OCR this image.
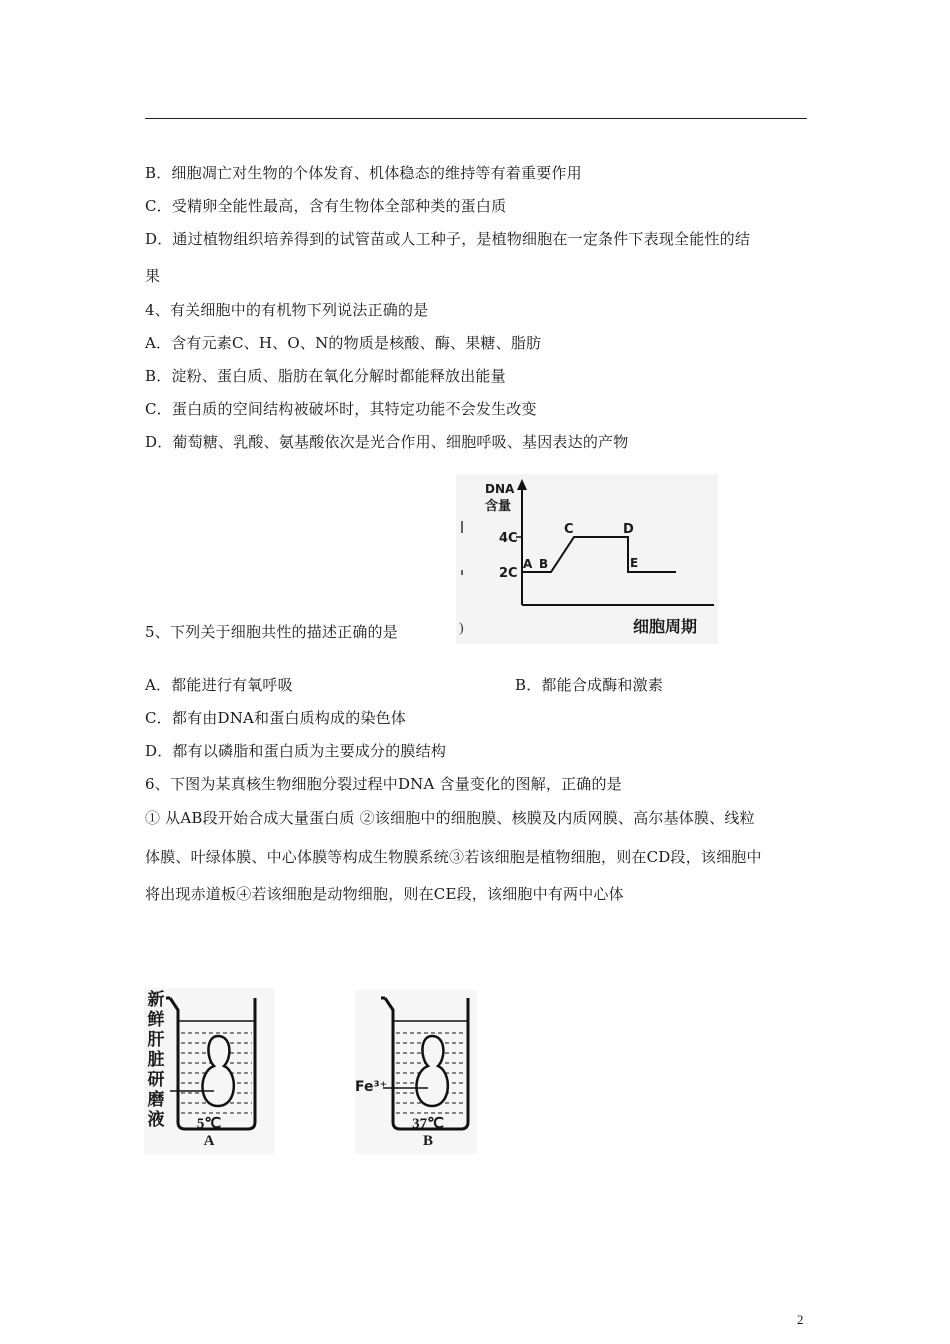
B．细胞凋亡对生物的个体发育、机体稳态的维持等有着重要作用
C．受精卵全能性最高，含有生物体全部种类的蛋白质
D．通过植物组织培养得到的试管苗或人工种子，是植物细胞在一定条件下表现全能性的结
果
4、有关细胞中的有机物下列说法正确的是
A．含有元素C、H、O、N的物质是核酸、酶、果糖、脂肪
B．淀粉、蛋白质、脂肪在氧化分解时都能释放出能量
C．蛋白质的空间结构被破坏时，其特定功能不会发生改变
D．葡萄糖、乳酸、氨基酸依次是光合作用、细胞呼吸、基因表达的产物
DNA
含量
4C
2C
A B
C	D
E
细胞周期
)
5、下列关于细胞共性的描述正确的是
A．都能进行有氧呼吸	B．都能合成酶和激素
C．都有由DNA和蛋白质构成的染色体
D．都有以磷脂和蛋白质为主要成分的膜结构
6、下图为某真核生物细胞分裂过程中DNA 含量变化的图解，正确的是
① 从AB段开始合成大量蛋白质 ②该细胞中的细胞膜、核膜及内质网膜、高尔基体膜、线粒
体膜、叶绿体膜、中心体膜等构成生物膜系统③若该细胞是植物细胞，则在CD段，该细胞中
将出现赤道板④若该细胞是动物细胞，则在CE段，该细胞中有两中心体
新
鲜
肝
脏
研
磨
液	5℃
A
Fe³⁺
37℃
B
2
